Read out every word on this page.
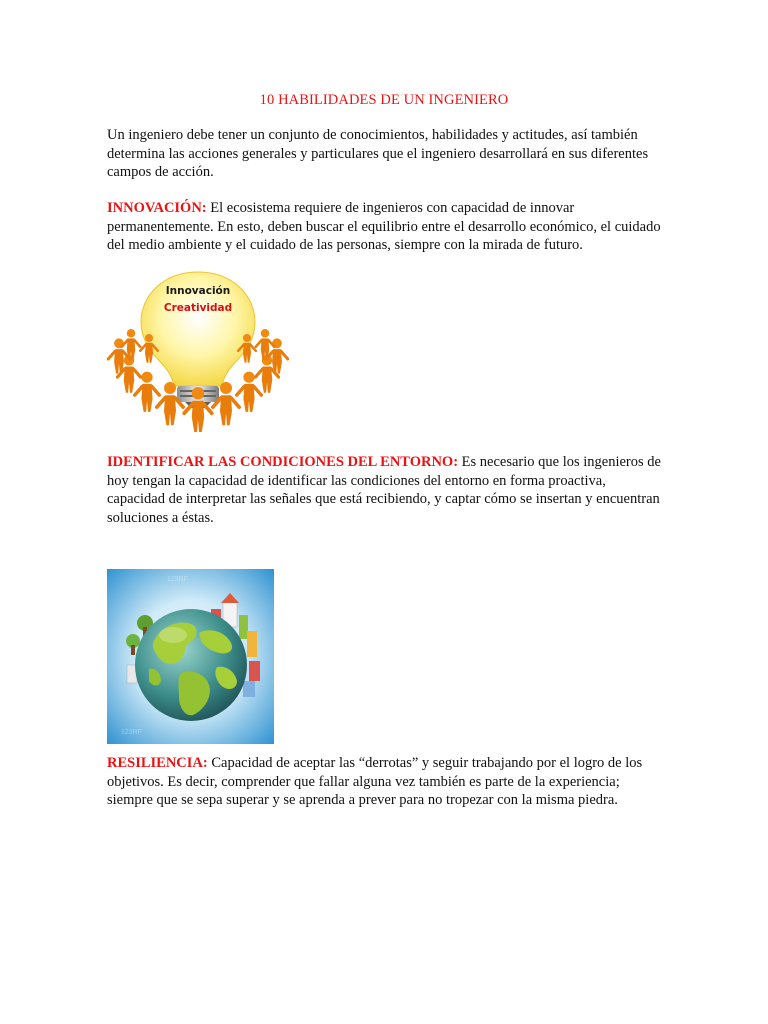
10 HABILIDADES DE UN INGENIERO

Un ingeniero debe tener un conjunto de conocimientos, habilidades y actitudes, así también determina las acciones generales y particulares que el ingeniero desarrollará en sus diferentes campos de acción.

INNOVACIÓN: El ecosistema requiere de ingenieros con capacidad de innovar permanentemente. En esto, deben buscar el equilibrio entre el desarrollo económico, el cuidado del medio ambiente y el cuidado de las personas, siempre con la mirada de futuro.

Innovación
Creatividad

IDENTIFICAR LAS CONDICIONES DEL ENTORNO: Es necesario que los ingenieros de hoy tengan la capacidad de identificar las condiciones del entorno en forma proactiva, capacidad de interpretar las señales que está recibiendo, y captar cómo se insertan y encuentran soluciones a éstas.

123RF
123RF

RESILIENCIA: Capacidad de aceptar las “derrotas” y seguir trabajando por el logro de los objetivos. Es decir, comprender que fallar alguna vez también es parte de la experiencia; siempre que se sepa superar y se aprenda a prever para no tropezar con la misma piedra.
